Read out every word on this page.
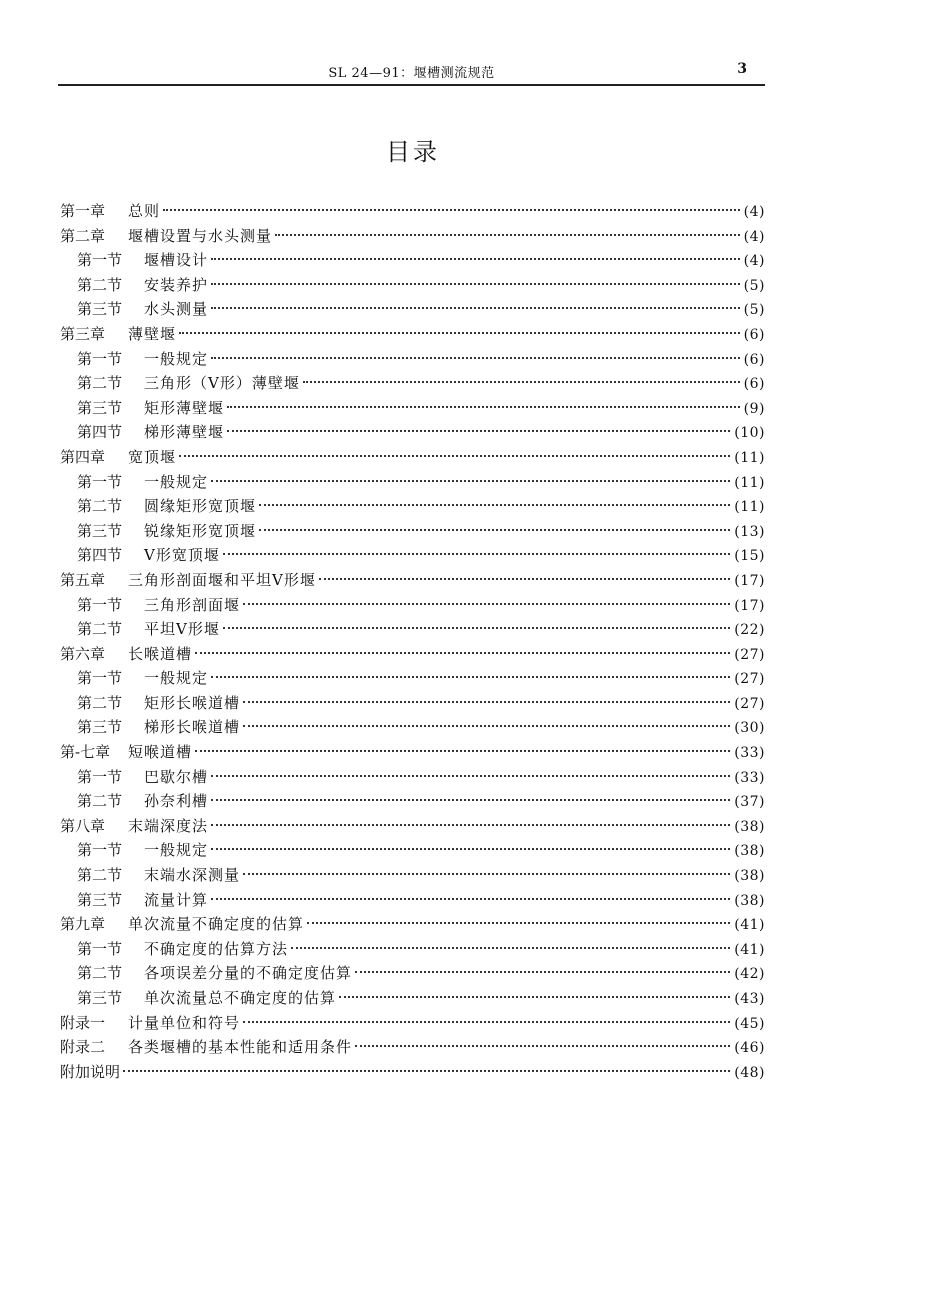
SL 24—91：堰槽测流规范	3
目录
第一章	总则	(4)
第二章	堰槽设置与水头测量	(4)
第一节	堰槽设计	(4)
第二节	安装养护	(5)
第三节	水头测量	(5)
第三章	薄壁堰	(6)
第一节	一般规定	(6)
第二节	三角形（V形）薄壁堰	(6)
第三节	矩形薄壁堰	(9)
第四节	梯形薄壁堰	(10)
第四章	宽顶堰	(11)
第一节	一般规定	(11)
第二节	圆缘矩形宽顶堰	(11)
第三节	锐缘矩形宽顶堰	(13)
第四节	V形宽顶堰	(15)
第五章	三角形剖面堰和平坦V形堰	(17)
第一节	三角形剖面堰	(17)
第二节	平坦V形堰	(22)
第六章	长喉道槽	(27)
第一节	一般规定	(27)
第二节	矩形长喉道槽	(27)
第三节	梯形长喉道槽	(30)
第-七章	短喉道槽	(33)
第一节	巴歇尔槽	(33)
第二节	孙奈利槽	(37)
第八章	末端深度法	(38)
第一节	一般规定	(38)
第二节	末端水深测量	(38)
第三节	流量计算	(38)
第九章	单次流量不确定度的估算	(41)
第一节	不确定度的估算方法	(41)
第二节	各项误差分量的不确定度估算	(42)
第三节	单次流量总不确定度的估算	(43)
附录一	计量单位和符号	(45)
附录二	各类堰槽的基本性能和适用条件	(46)
附加说明	(48)
